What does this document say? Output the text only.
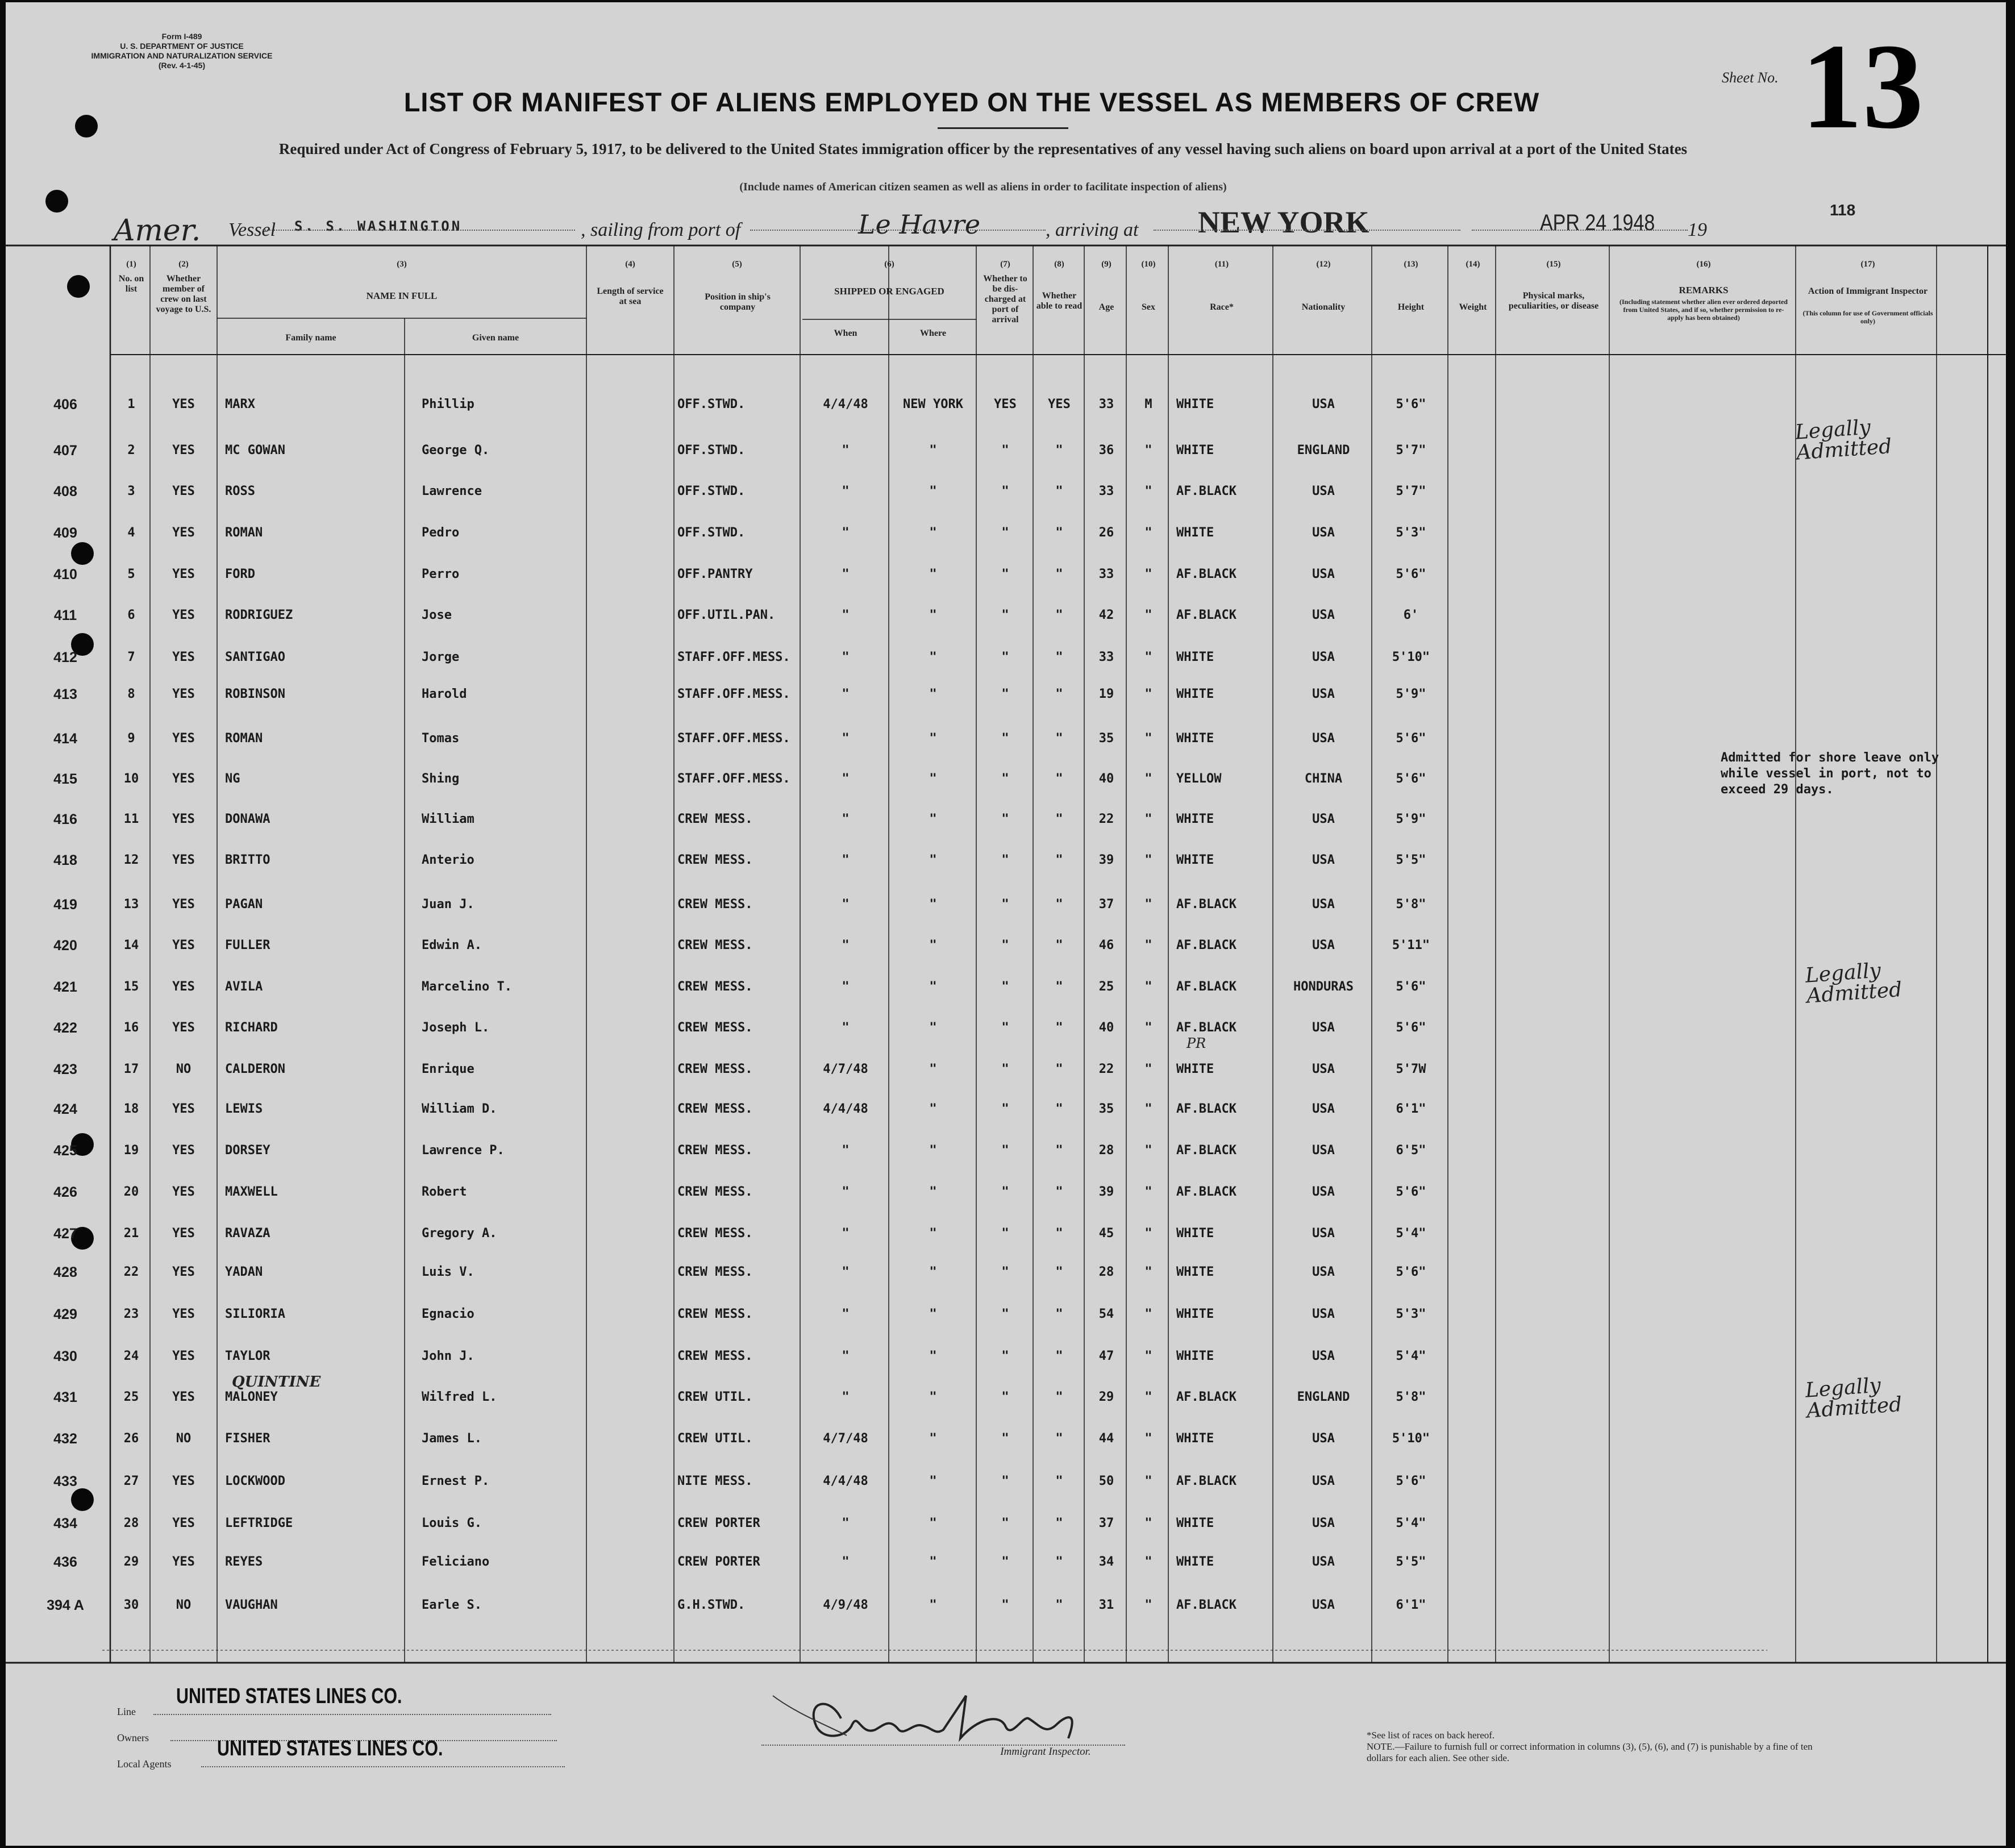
Form I-489
U. S. DEPARTMENT OF JUSTICE
IMMIGRATION AND NATURALIZATION SERVICE
(Rev. 4-1-45)
Sheet No. 13
LIST OR MANIFEST OF ALIENS EMPLOYED ON THE VESSEL AS MEMBERS OF CREW
Required under Act of Congress of February 5, 1917, to be delivered to the United States immigration officer by the representatives of any vessel having such aliens on board upon arrival at a port of the United States
(Include names of American citizen seamen as well as aliens in order to facilitate inspection of aliens)
Amer. Vessel S. S. WASHINGTON	, sailing from port of	Le Havre	, arriving at NEW YORK	APR 24 1948 19
118
(1)
No. on list
(2)
Whether member of crew on last voyage to U.S.
(3)
NAME IN FULL
Family name	Given name
(4)
Length of service at sea
(5)
Position in ship's company
(6)
SHIPPED OR ENGAGED
When	Where
(7)
Whether to be dis-charged at port of arrival
(8)
Whether able to read
(9)
Age
(10)
Sex
(11)
Race*
(12)
Nationality
(13)
Height
(14)
Weight
(15)
Physical marks, peculiarities, or disease
(16)
REMARKS
(Including statement whether alien ever ordered deported from United States, and if so, whether permission to re-apply has been obtained)
(17)
Action of Immigrant Inspector
(This column for use of Government officials only)
406	1	YES	MARX	Phillip	OFF.STWD.	4/4/48	NEW YORK	YES	YES	33	M	WHITE	USA	5'6"
407	2	YES	MC GOWAN	George Q.	OFF.STWD.	"	"	"	"	36	"	WHITE	ENGLAND	5'7"
408	3	YES	ROSS	Lawrence	OFF.STWD.	"	"	"	"	33	"	AF.BLACK	USA	5'7"
409	4	YES	ROMAN	Pedro	OFF.STWD.	"	"	"	"	26	"	WHITE	USA	5'3"
410	5	YES	FORD	Perro	OFF.PANTRY	"	"	"	"	33	"	AF.BLACK	USA	5'6"
411	6	YES	RODRIGUEZ	Jose	OFF.UTIL.PAN.	"	"	"	"	42	"	AF.BLACK	USA	6'
412	7	YES	SANTIGAO	Jorge	STAFF.OFF.MESS.	"	"	"	"	33	"	WHITE	USA	5'10"
413	8	YES	ROBINSON	Harold	STAFF.OFF.MESS.	"	"	"	"	19	"	WHITE	USA	5'9"
414	9	YES	ROMAN	Tomas	STAFF.OFF.MESS.	"	"	"	"	35	"	WHITE	USA	5'6"
415	10	YES	NG	Shing	STAFF.OFF.MESS.	"	"	"	"	40	"	YELLOW	CHINA	5'6"
416	11	YES	DONAWA	William	CREW MESS.	"	"	"	"	22	"	WHITE	USA	5'9"
418	12	YES	BRITTO	Anterio	CREW MESS.	"	"	"	"	39	"	WHITE	USA	5'5"
419	13	YES	PAGAN	Juan J.	CREW MESS.	"	"	"	"	37	"	AF.BLACK	USA	5'8"
420	14	YES	FULLER	Edwin A.	CREW MESS.	"	"	"	"	46	"	AF.BLACK	USA	5'11"
421	15	YES	AVILA	Marcelino T.	CREW MESS.	"	"	"	"	25	"	AF.BLACK	HONDURAS	5'6"
422	16	YES	RICHARD	Joseph L.	CREW MESS.	"	"	"	"	40	"	AF.BLACK	USA	5'6"
423	17	NO	CALDERON	Enrique	CREW MESS.	4/7/48	"	"	"	22	"	WHITE	USA	5'7W
424	18	YES	LEWIS	William D.	CREW MESS.	4/4/48	"	"	"	35	"	AF.BLACK	USA	6'1"
425	19	YES	DORSEY	Lawrence P.	CREW MESS.	"	"	"	"	28	"	AF.BLACK	USA	6'5"
426	20	YES	MAXWELL	Robert	CREW MESS.	"	"	"	"	39	"	AF.BLACK	USA	5'6"
427	21	YES	RAVAZA	Gregory A.	CREW MESS.	"	"	"	"	45	"	WHITE	USA	5'4"
428	22	YES	YADAN	Luis V.	CREW MESS.	"	"	"	"	28	"	WHITE	USA	5'6"
429	23	YES	SILIORIA	Egnacio	CREW MESS.	"	"	"	"	54	"	WHITE	USA	5'3"
430	24	YES	TAYLOR	John J.	CREW MESS.	"	"	"	"	47	"	WHITE	USA	5'4"
431	25	YES	MALONEY	Wilfred L.	CREW UTIL.	"	"	"	"	29	"	AF.BLACK	ENGLAND	5'8"
432	26	NO	FISHER	James L.	CREW UTIL.	4/7/48	"	"	"	44	"	WHITE	USA	5'10"
433	27	YES	LOCKWOOD	Ernest P.	NITE MESS.	4/4/48	"	"	"	50	"	AF.BLACK	USA	5'6"
434	28	YES	LEFTRIDGE	Louis G.	CREW PORTER	"	"	"	"	37	"	WHITE	USA	5'4"
436	29	YES	REYES	Feliciano	CREW PORTER	"	"	"	"	34	"	WHITE	USA	5'5"
394 A	30	NO	VAUGHAN	Earle S.	G.H.STWD.	4/9/48	"	"	"	31	"	AF.BLACK	USA	6'1"
QUINTINE
PR
Admitted for shore leave only
while vessel in port, not to
exceed 29 days.
Legally Admitted
Legally Admitted
Legally Admitted
Line
UNITED STATES LINES CO.
Owners
Local Agents
UNITED STATES LINES CO.	Immigrant Inspector.
*See list of races on back hereof.
NOTE.—Failure to furnish full or correct information in columns (3), (5), (6), and (7) is punishable by a fine of ten dollars for each alien. See other side.
